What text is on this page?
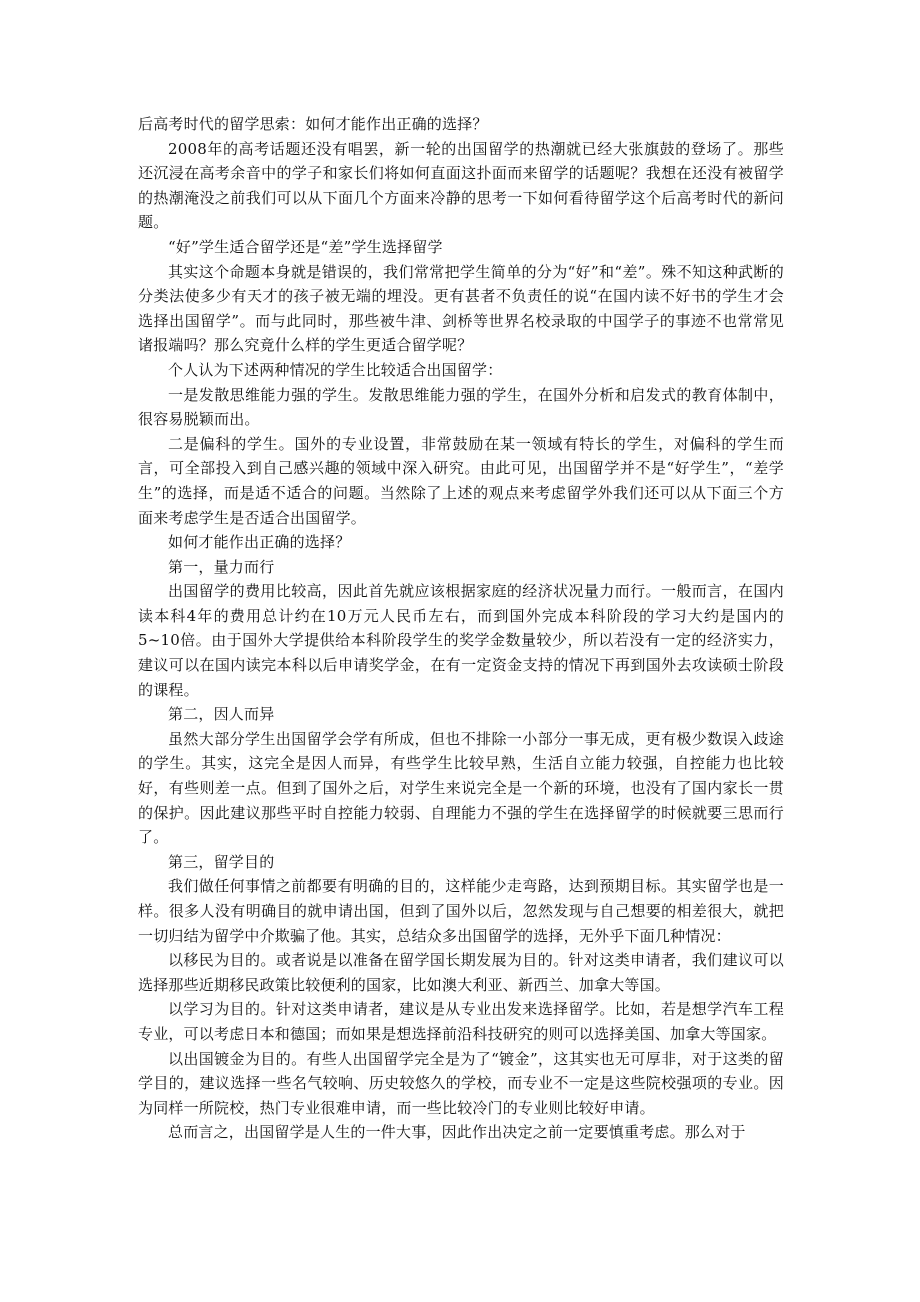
后高考时代的留学思索：如何才能作出正确的选择？

2008年的高考话题还没有唱罢，新一轮的出国留学的热潮就已经大张旗鼓的登场了。那些还沉浸在高考余音中的学子和家长们将如何直面这扑面而来留学的话题呢？我想在还没有被留学的热潮淹没之前我们可以从下面几个方面来冷静的思考一下如何看待留学这个后高考时代的新问题。

“好”学生适合留学还是“差”学生选择留学

其实这个命题本身就是错误的，我们常常把学生简单的分为“好”和“差”。殊不知这种武断的分类法使多少有天才的孩子被无端的埋没。更有甚者不负责任的说“在国内读不好书的学生才会选择出国留学”。而与此同时，那些被牛津、剑桥等世界名校录取的中国学子的事迹不也常常见诸报端吗？那么究竟什么样的学生更适合留学呢？

个人认为下述两种情况的学生比较适合出国留学：

一是发散思维能力强的学生。发散思维能力强的学生，在国外分析和启发式的教育体制中，很容易脱颖而出。

二是偏科的学生。国外的专业设置，非常鼓励在某一领域有特长的学生，对偏科的学生而言，可全部投入到自己感兴趣的领域中深入研究。由此可见，出国留学并不是“好学生”，“差学生”的选择，而是适不适合的问题。当然除了上述的观点来考虑留学外我们还可以从下面三个方面来考虑学生是否适合出国留学。

如何才能作出正确的选择？

第一，量力而行

出国留学的费用比较高，因此首先就应该根据家庭的经济状况量力而行。一般而言，在国内读本科4年的费用总计约在10万元人民币左右，而到国外完成本科阶段的学习大约是国内的5~10倍。由于国外大学提供给本科阶段学生的奖学金数量较少，所以若没有一定的经济实力，建议可以在国内读完本科以后申请奖学金，在有一定资金支持的情况下再到国外去攻读硕士阶段的课程。

第二，因人而异

虽然大部分学生出国留学会学有所成，但也不排除一小部分一事无成，更有极少数误入歧途的学生。其实，这完全是因人而异，有些学生比较早熟，生活自立能力较强，自控能力也比较好，有些则差一点。但到了国外之后，对学生来说完全是一个新的环境，也没有了国内家长一贯的保护。因此建议那些平时自控能力较弱、自理能力不强的学生在选择留学的时候就要三思而行了。

第三，留学目的

我们做任何事情之前都要有明确的目的，这样能少走弯路，达到预期目标。其实留学也是一样。很多人没有明确目的就申请出国，但到了国外以后，忽然发现与自己想要的相差很大，就把一切归结为留学中介欺骗了他。其实，总结众多出国留学的选择，无外乎下面几种情况：

以移民为目的。或者说是以准备在留学国长期发展为目的。针对这类申请者，我们建议可以选择那些近期移民政策比较便利的国家，比如澳大利亚、新西兰、加拿大等国。

以学习为目的。针对这类申请者，建议是从专业出发来选择留学。比如，若是想学汽车工程专业，可以考虑日本和德国；而如果是想选择前沿科技研究的则可以选择美国、加拿大等国家。

以出国镀金为目的。有些人出国留学完全是为了“镀金”，这其实也无可厚非，对于这类的留学目的，建议选择一些名气较响、历史较悠久的学校，而专业不一定是这些院校强项的专业。因为同样一所院校，热门专业很难申请，而一些比较冷门的专业则比较好申请。

总而言之，出国留学是人生的一件大事，因此作出决定之前一定要慎重考虑。那么对于
